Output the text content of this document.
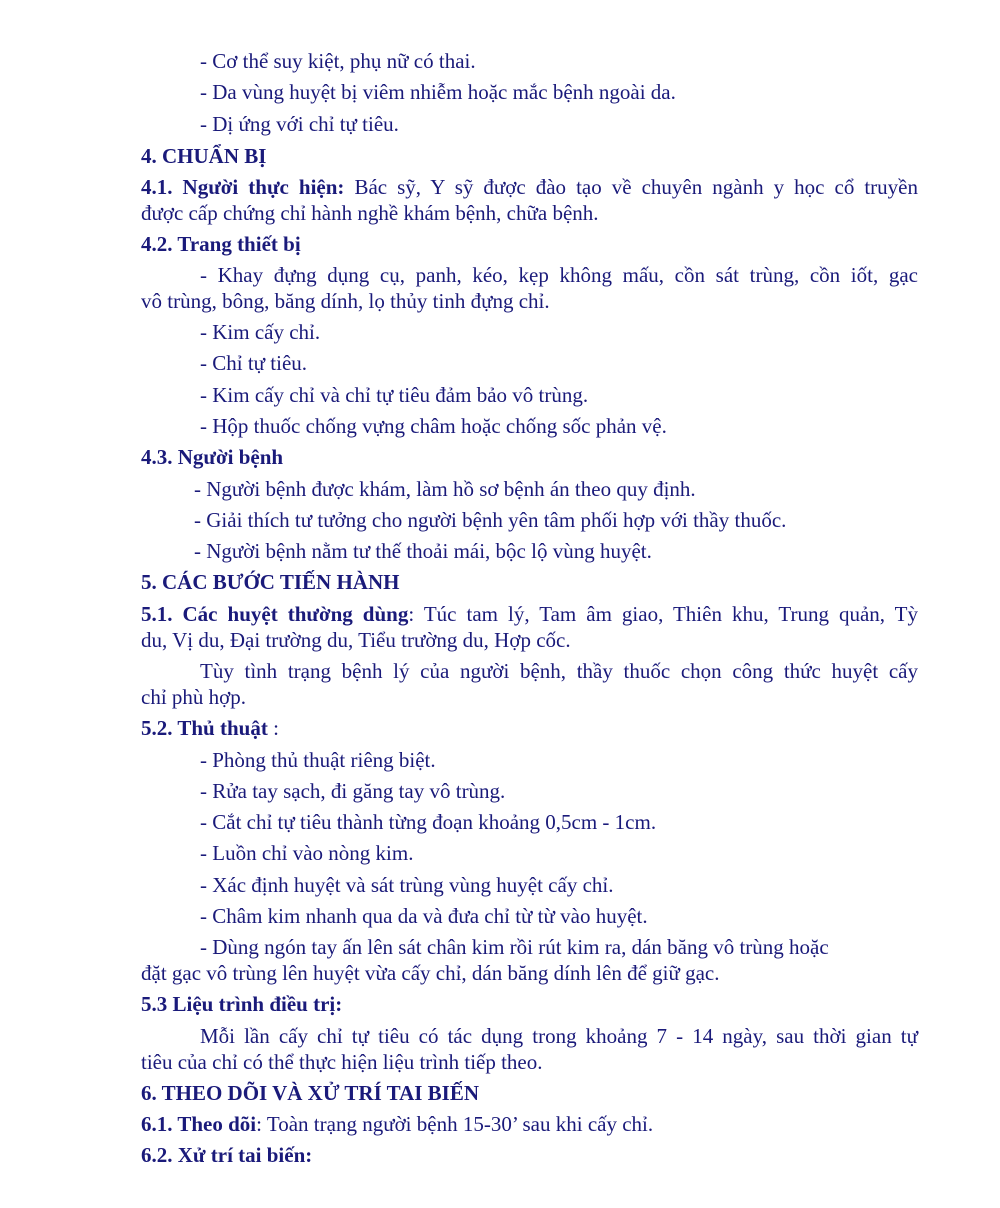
- Cơ thể suy kiệt, phụ nữ có thai.
- Da vùng huyệt bị viêm nhiễm hoặc mắc bệnh ngoài da.
- Dị ứng với chỉ tự tiêu.
4. CHUẨN BỊ
4.1. Người thực hiện: Bác sỹ, Y sỹ được đào tạo về chuyên ngành y học cổ truyền
được cấp chứng chỉ hành nghề khám bệnh, chữa bệnh.
4.2. Trang thiết bị
- Khay đựng dụng cụ, panh, kéo, kẹp không mấu, cồn sát trùng, cồn iốt, gạc
vô trùng, bông, băng dính, lọ thủy tinh đựng chỉ.
- Kim cấy chỉ.
- Chỉ tự tiêu.
- Kim cấy chỉ và chỉ tự tiêu đảm bảo vô trùng.
- Hộp thuốc chống vựng châm hoặc chống sốc phản vệ.
4.3. Người bệnh
- Người bệnh được khám, làm hồ sơ bệnh án theo quy định.
- Giải thích tư tưởng cho người bệnh yên tâm phối hợp với thầy thuốc.
- Người bệnh nằm tư thế thoải mái, bộc lộ vùng huyệt.
5. CÁC BƯỚC TIẾN HÀNH
5.1. Các huyệt thường dùng: Túc tam lý, Tam âm giao, Thiên khu, Trung quản, Tỳ
du, Vị du, Đại trường du, Tiểu trường du, Hợp cốc.
Tùy tình trạng bệnh lý của người bệnh, thầy thuốc chọn công thức huyệt cấy
chỉ phù hợp.
5.2. Thủ thuật :
- Phòng thủ thuật riêng biệt.
- Rửa tay sạch, đi găng tay vô trùng.
- Cắt chỉ tự tiêu thành từng đoạn khoảng 0,5cm - 1cm.
- Luồn chỉ vào nòng kim.
- Xác định huyệt và sát trùng vùng huyệt cấy chỉ.
- Châm kim nhanh qua da và đưa chỉ từ từ vào huyệt.
- Dùng ngón tay ấn lên sát chân kim rồi rút kim ra, dán băng vô trùng hoặc
đặt gạc vô trùng lên huyệt vừa cấy chỉ, dán băng dính lên để giữ gạc.
5.3 Liệu trình điều trị:
Mỗi lần cấy chỉ tự tiêu có tác dụng trong khoảng 7 - 14 ngày, sau thời gian tự
tiêu của chỉ có thể thực hiện liệu trình tiếp theo.
6. THEO DÕI VÀ XỬ TRÍ TAI BIẾN
6.1. Theo dõi: Toàn trạng người bệnh 15-30’ sau khi cấy chỉ.
6.2. Xử trí tai biến:
